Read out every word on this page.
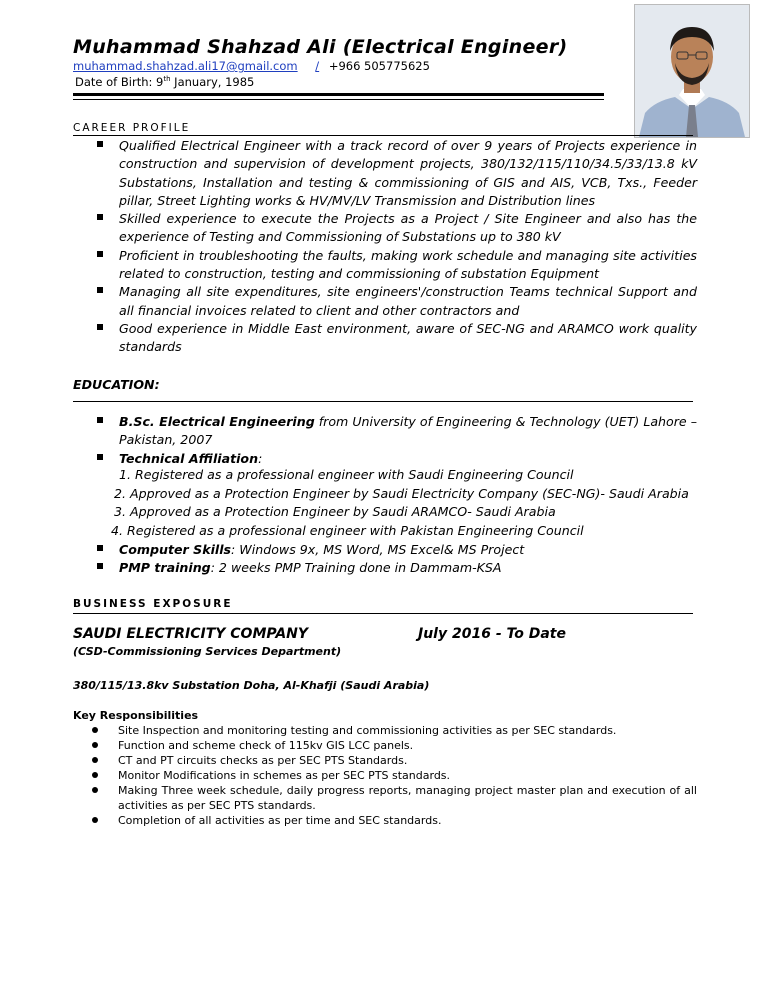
Muhammad Shahzad Ali (Electrical Engineer)
muhammad.shahzad.ali17@gmail.com / +966 505775625
Date of Birth: 9th January, 1985
CAREER PROFILE
Qualified Electrical Engineer with a track record of over 9 years of Projects experience in construction and supervision of development projects, 380/132/115/110/34.5/33/13.8 kV Substations, Installation and testing & commissioning of GIS and AIS, VCB, Txs., Feeder pillar, Street Lighting works & HV/MV/LV Transmission and Distribution lines
Skilled experience to execute the Projects as a Project / Site Engineer and also has the experience of Testing and Commissioning of Substations up to 380 kV
Proficient in troubleshooting the faults, making work schedule and managing site activities related to construction, testing and commissioning of substation Equipment
Managing all site expenditures, site engineers'/construction Teams technical Support and all financial invoices related to client and other contractors and
Good experience in Middle East environment, aware of SEC-NG and ARAMCO work quality standards
EDUCATION:
B.Sc. Electrical Engineering from University of Engineering & Technology (UET) Lahore – Pakistan, 2007
Technical Affiliation:
1. Registered as a professional engineer with Saudi Engineering Council
2. Approved as a Protection Engineer by Saudi Electricity Company (SEC-NG)- Saudi Arabia
3. Approved as a Protection Engineer by Saudi ARAMCO- Saudi Arabia
4. Registered as a professional engineer with Pakistan Engineering Council
Computer Skills: Windows 9x, MS Word, MS Excel& MS Project
PMP training: 2 weeks PMP Training done in Dammam-KSA
BUSINESS EXPOSURE
SAUDI ELECTRICITY COMPANY	July 2016 - To Date
(CSD-Commissioning Services Department)
380/115/13.8kv Substation Doha, Al-Khafji (Saudi Arabia)
Key Responsibilities
Site Inspection and monitoring testing and commissioning activities as per SEC standards.
Function and scheme check of 115kv GIS LCC panels.
CT and PT circuits checks as per SEC PTS Standards.
Monitor Modifications in schemes as per SEC PTS standards.
Making Three week schedule, daily progress reports, managing project master plan and execution of all activities as per SEC PTS standards.
Completion of all activities as per time and SEC standards.
